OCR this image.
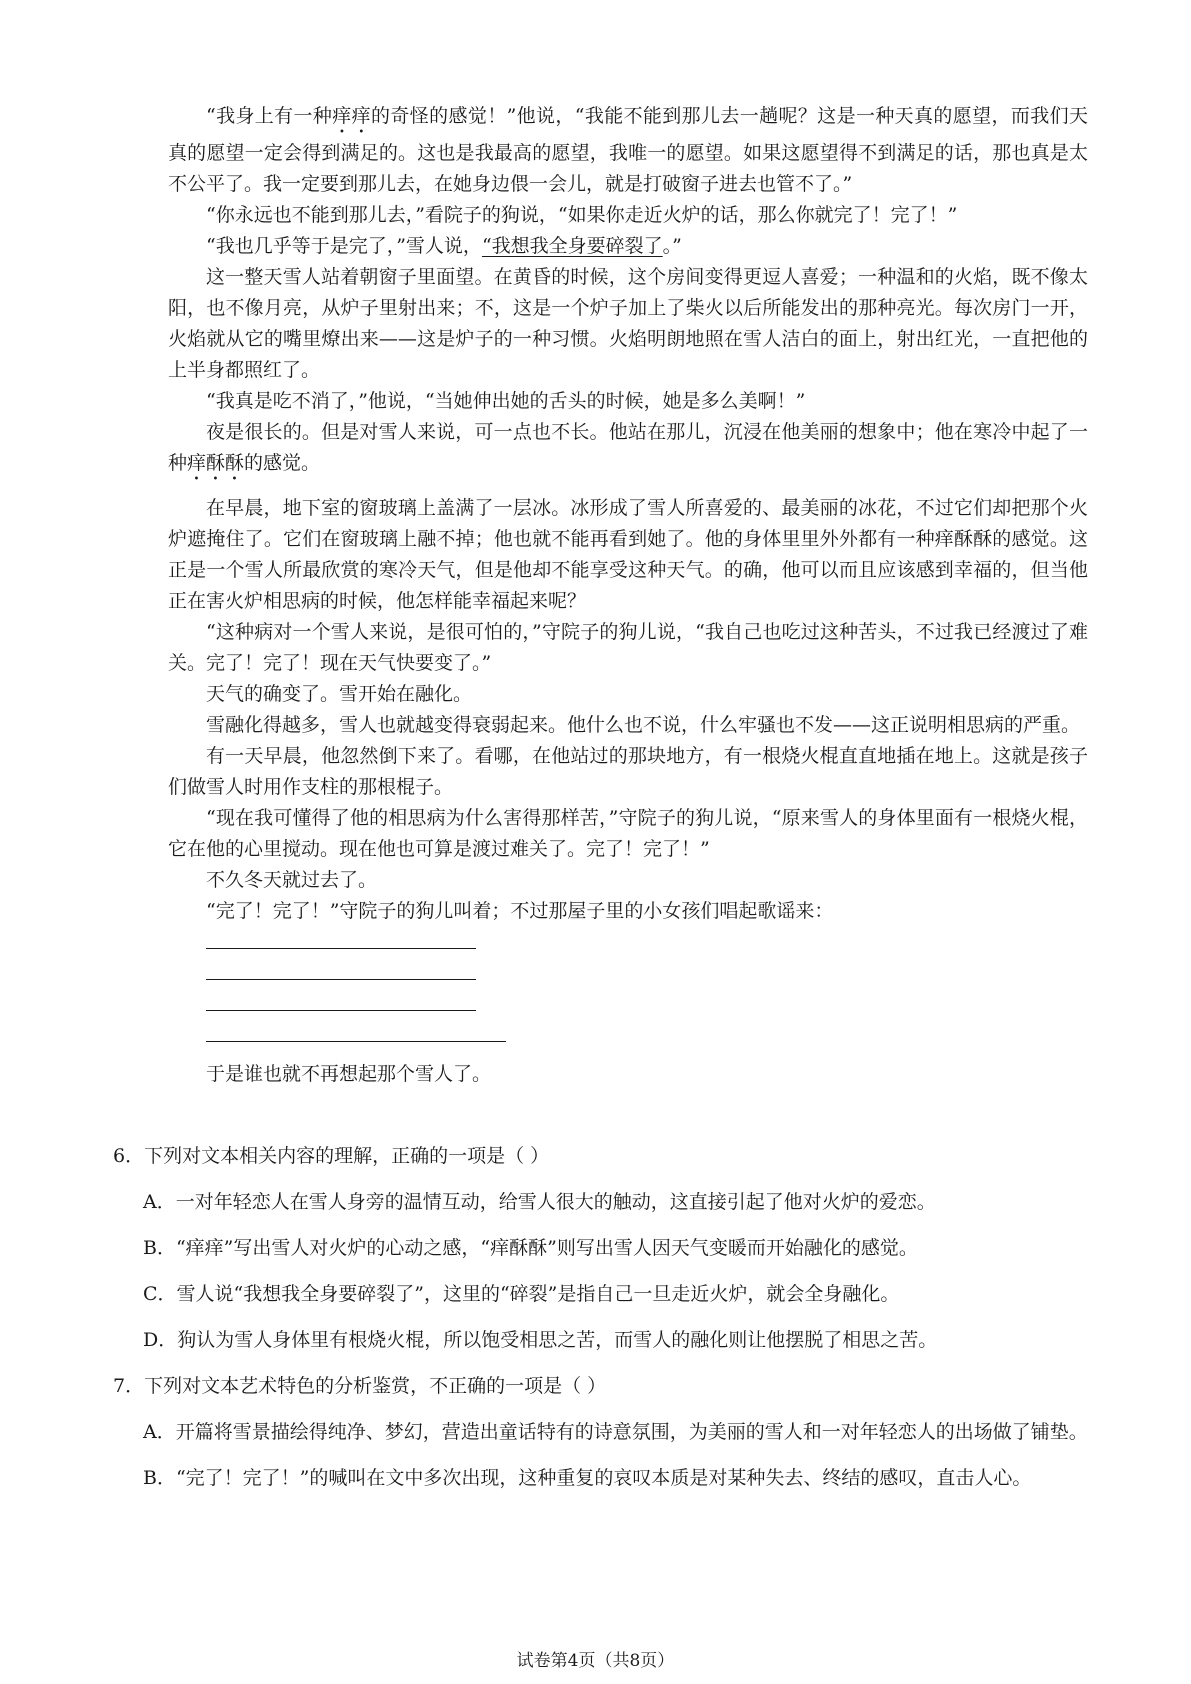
“我身上有一种痒痒的奇怪的感觉！”他说，“我能不能到那儿去一趟呢？这是一种天真的愿望，而我们天真的愿望一定会得到满足的。这也是我最高的愿望，我唯一的愿望。如果这愿望得不到满足的话，那也真是太不公平了。我一定要到那儿去，在她身边偎一会儿，就是打破窗子进去也管不了。”

“你永远也不能到那儿去，”看院子的狗说，“如果你走近火炉的话，那么你就完了！完了！”

“我也几乎等于是完了，”雪人说，“我想我全身要碎裂了。”

这一整天雪人站着朝窗子里面望。在黄昏的时候，这个房间变得更逗人喜爱；一种温和的火焰，既不像太阳，也不像月亮，从炉子里射出来；不，这是一个炉子加上了柴火以后所能发出的那种亮光。每次房门一开，火焰就从它的嘴里燎出来——这是炉子的一种习惯。火焰明朗地照在雪人洁白的面上，射出红光，一直把他的上半身都照红了。

“我真是吃不消了，”他说，“当她伸出她的舌头的时候，她是多么美啊！”

夜是很长的。但是对雪人来说，可一点也不长。他站在那儿，沉浸在他美丽的想象中；他在寒冷中起了一种痒酥酥的感觉。

在早晨，地下室的窗玻璃上盖满了一层冰。冰形成了雪人所喜爱的、最美丽的冰花，不过它们却把那个火炉遮掩住了。它们在窗玻璃上融不掉；他也就不能再看到她了。他的身体里里外外都有一种痒酥酥的感觉。这正是一个雪人所最欣赏的寒冷天气，但是他却不能享受这种天气。的确，他可以而且应该感到幸福的，但当他正在害火炉相思病的时候，他怎样能幸福起来呢？

“这种病对一个雪人来说，是很可怕的，”守院子的狗儿说，“我自己也吃过这种苦头，不过我已经渡过了难关。完了！完了！现在天气快要变了。”

天气的确变了。雪开始在融化。

雪融化得越多，雪人也就越变得衰弱起来。他什么也不说，什么牢骚也不发——这正说明相思病的严重。

有一天早晨，他忽然倒下来了。看哪，在他站过的那块地方，有一根烧火棍直直地插在地上。这就是孩子们做雪人时用作支柱的那根棍子。

“现在我可懂得了他的相思病为什么害得那样苦，”守院子的狗儿说，“原来雪人的身体里面有一根烧火棍，它在他的心里搅动。现在他也可算是渡过难关了。完了！完了！”

不久冬天就过去了。

“完了！完了！”守院子的狗儿叫着；不过那屋子里的小女孩们唱起歌谣来：

于是谁也就不再想起那个雪人了。

6．下列对文本相关内容的理解，正确的一项是（ ）

A．一对年轻恋人在雪人身旁的温情互动，给雪人很大的触动，这直接引起了他对火炉的爱恋。

B．“痒痒”写出雪人对火炉的心动之感，“痒酥酥”则写出雪人因天气变暖而开始融化的感觉。

C．雪人说“我想我全身要碎裂了”，这里的“碎裂”是指自己一旦走近火炉，就会全身融化。

D．狗认为雪人身体里有根烧火棍，所以饱受相思之苦，而雪人的融化则让他摆脱了相思之苦。

7．下列对文本艺术特色的分析鉴赏，不正确的一项是（ ）

A．开篇将雪景描绘得纯净、梦幻，营造出童话特有的诗意氛围，为美丽的雪人和一对年轻恋人的出场做了铺垫。

B．“完了！完了！”的喊叫在文中多次出现，这种重复的哀叹本质是对某种失去、终结的感叹，直击人心。

试卷第4页（共8页）
